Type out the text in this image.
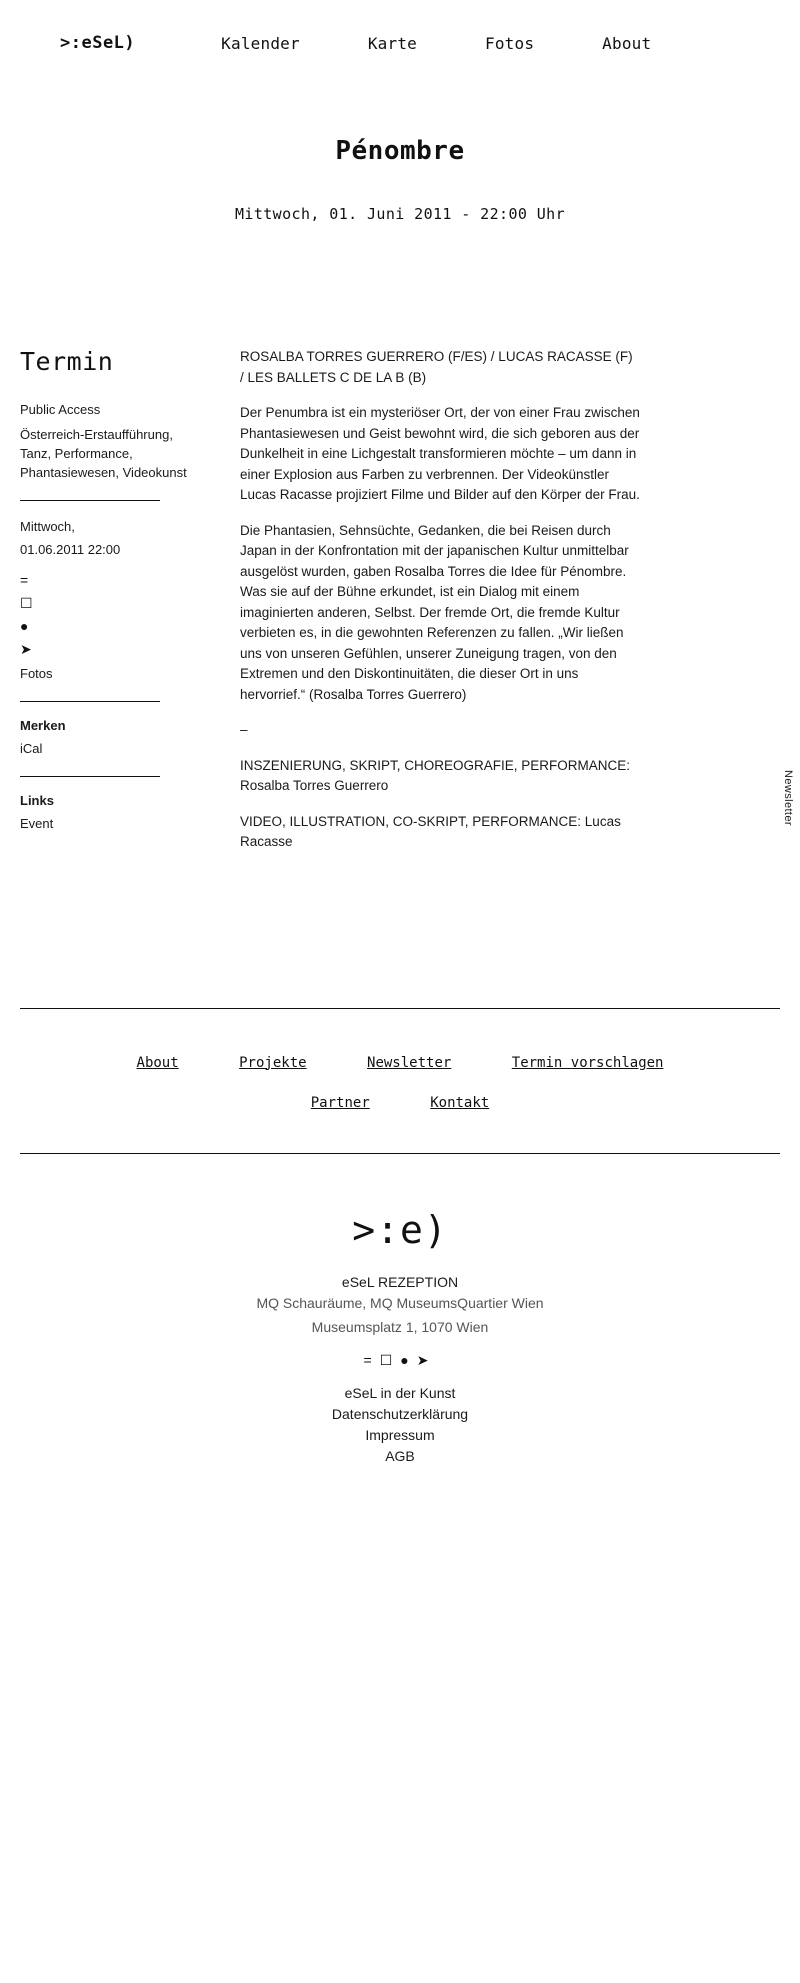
>:eSeL)	Kalender	Karte	Fotos	About
Pénombre
Mittwoch, 01. Juni 2011 - 22:00 Uhr
Termin
Public Access
Österreich-Erstaufführung, Tanz, Performance, Phantasiewesen, Videokunst
Mittwoch,
01.06.2011 22:00
=
☐
●
➤
Fotos
Merken
iCal
Links
Event

ROSALBA TORRES GUERRERO (F/ES) / LUCAS RACASSE (F) / LES BALLETS C DE LA B (B)

Der Penumbra ist ein mysteriöser Ort, der von einer Frau zwischen Phantasiewesen und Geist bewohnt wird, die sich geboren aus der Dunkelheit in eine Lichgestalt transformieren möchte – um dann in einer Explosion aus Farben zu verbrennen. Der Videokünstler Lucas Racasse projiziert Filme und Bilder auf den Körper der Frau.

Die Phantasien, Sehnsüchte, Gedanken, die bei Reisen durch Japan in der Konfrontation mit der japanischen Kultur unmittelbar ausgelöst wurden, gaben Rosalba Torres die Idee für Pénombre. Was sie auf der Bühne erkundet, ist ein Dialog mit einem imaginierten anderen, Selbst. Der fremde Ort, die fremde Kultur verbieten es, in die gewohnten Referenzen zu fallen. „Wir ließen uns von unseren Gefühlen, unserer Zuneigung tragen, von den Extremen und den Diskontinuitäten, die dieser Ort in uns hervorrief.“ (Rosalba Torres Guerrero)

–

INSZENIERUNG, SKRIPT, CHOREOGRAFIE, PERFORMANCE: Rosalba Torres Guerrero

VIDEO, ILLUSTRATION, CO-SKRIPT, PERFORMANCE: Lucas Racasse

Newsletter
About	Projekte	Newsletter	Termin vorschlagen
Partner	Kontakt
>:e)
eSeL REZEPTION
MQ Schauräume, MQ MuseumsQuartier Wien
Museumsplatz 1, 1070 Wien
=☐●➤
eSeL in der Kunst
Datenschutzerklärung
Impressum
AGB
